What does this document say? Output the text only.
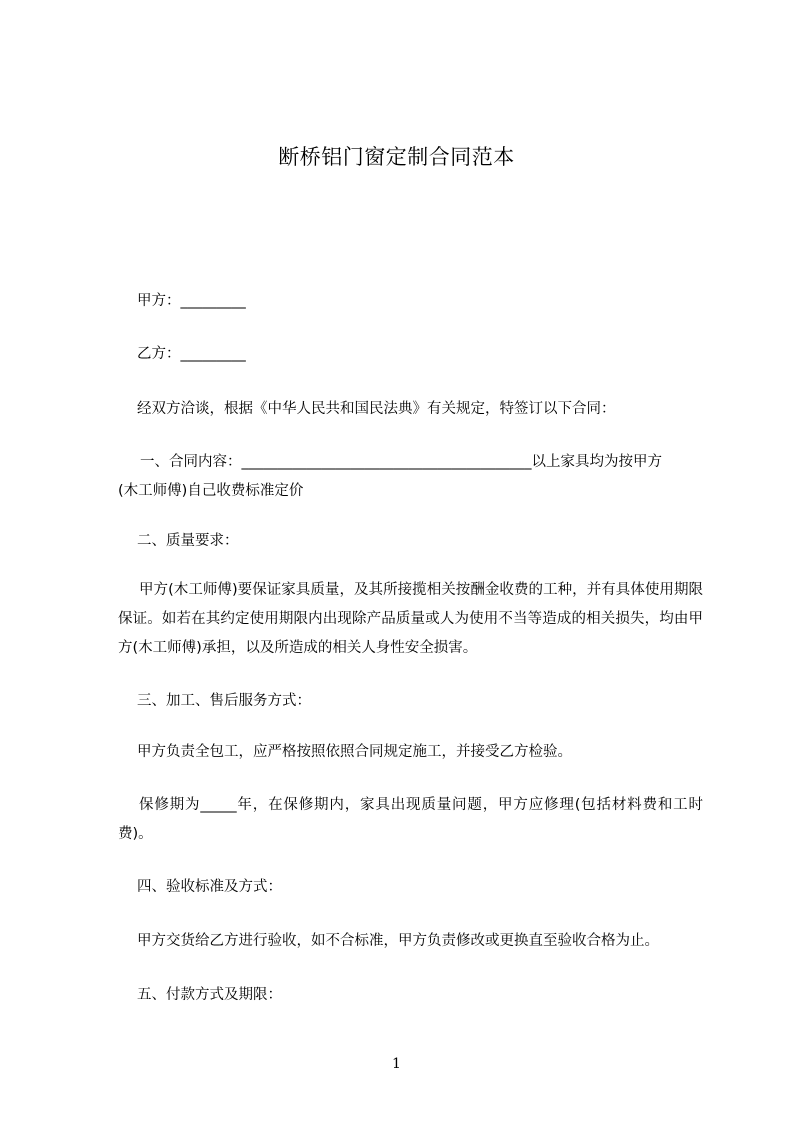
断桥铝门窗定制合同范本
甲方：_________
乙方：_________
经双方洽谈，根据《中华人民共和国民法典》有关规定，特签订以下合同：
一、合同内容：________________________________________以上家具均为按甲方
(木工师傅)自己收费标准定价
二、质量要求：
甲方(木工师傅)要保证家具质量，及其所接揽相关按酬金收费的工种，并有具体使用期限保证。如若在其约定使用期限内出现除产品质量或人为使用不当等造成的相关损失，均由甲方(木工师傅)承担，以及所造成的相关人身性安全损害。
三、加工、售后服务方式：
甲方负责全包工，应严格按照依照合同规定施工，并接受乙方检验。
保修期为_____年，在保修期内，家具出现质量问题，甲方应修理(包括材料费和工时费)。
四、验收标准及方式：
甲方交货给乙方进行验收，如不合标准，甲方负责修改或更换直至验收合格为止。
五、付款方式及期限：
1
